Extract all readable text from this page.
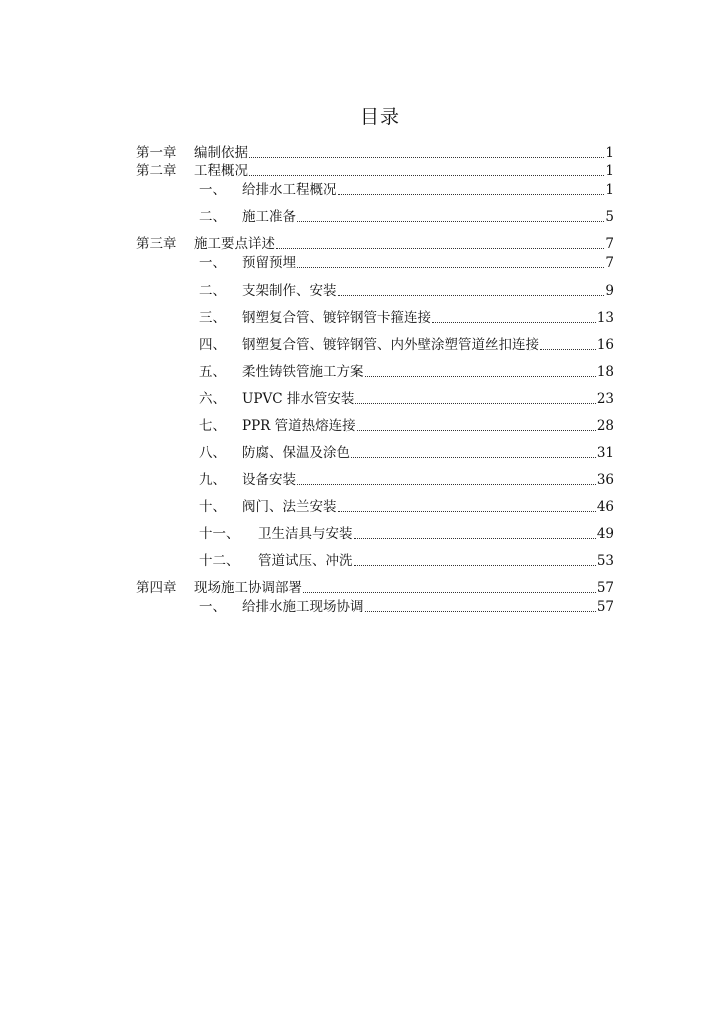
目录
第一章	编制依据	1
第二章	工程概况	1
一、	给排水工程概况	1
二、	施工准备	5
第三章	施工要点详述	7
一、	预留预埋	7
二、	支架制作、安装	9
三、	钢塑复合管、镀锌钢管卡箍连接	13
四、	钢塑复合管、镀锌钢管、内外壁涂塑管道丝扣连接	16
五、	柔性铸铁管施工方案	18
六、	UPVC 排水管安装	23
七、	PPR 管道热熔连接	28
八、	防腐、保温及涂色	31
九、	设备安装	36
十、	阀门、法兰安装	46
十一、	卫生洁具与安装	49
十二、	管道试压、冲洗	53
第四章	现场施工协调部署	57
一、	给排水施工现场协调	57
